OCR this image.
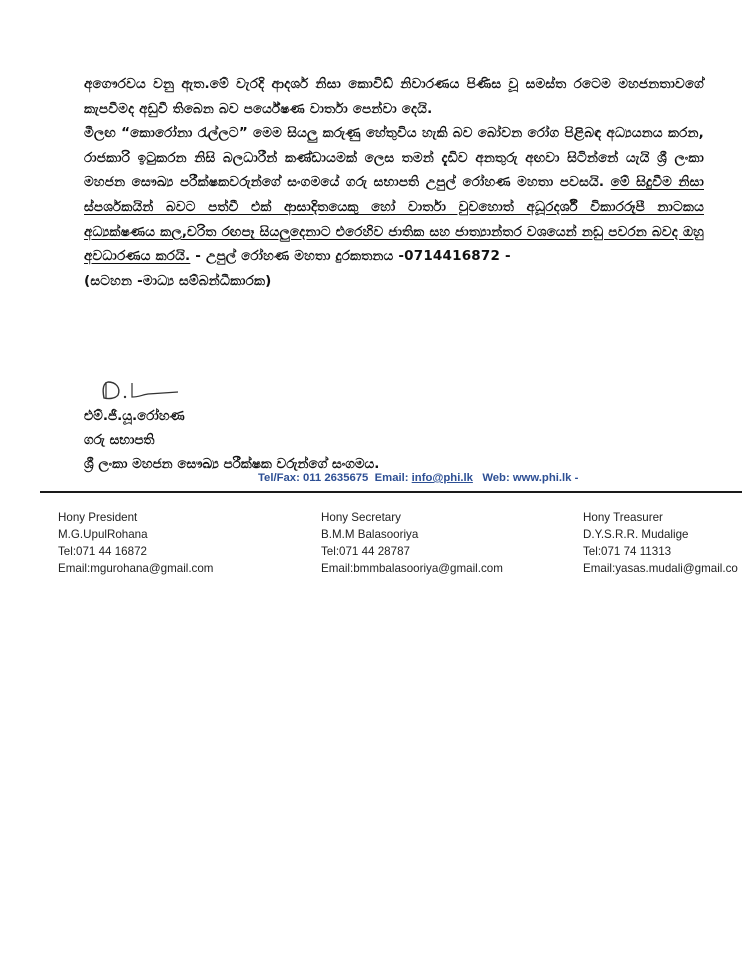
අගෞරවය වනු ඇත.මේ වැරදි ආදර්ශ නිසා කොවිඩ් නිවාරණය පිණිස වූ සමස්ත රටෙම මහජනතාවගේ කැපවීමද අඩුවී තිබෙන බව පර්යේෂණ වාර්තා පෙන්වා දෙයි.

මීලඟ “කොරෝනා රැල්ලට” මෙම සියලු කරුණු හේතුවිය හැකි බව බෝවන රෝග පිළිබඳ අධ්‍යයනය කරන, රාජකාරි ඉටුකරන නිසි බලධාරීන් කණ්ඩායමක් ලෙස තමන් දැඩිව අනතුරු අඟවා සිටින්නේ යැයි ශ්‍රී ලංකා මහජන සෞඛ්‍ය පරීක්ෂකවරුන්ගේ සංගමයේ ගරු සභාපති උපුල් රෝහණ මහතා පවසයි. මේ සිදුවීම නිසා ස්පර්ශකයින් බවට පත්වී එක් ආසාදිතයෙකු හෝ වාර්තා වුවහොත් අධූරදර්ශී විකාරරූපී නාටකය අධ්‍යක්ෂණය කල,චරිත රඟපෑ සියලුදෙනාට එරෙහිව ජාතික සහ ජාත්‍යාන්තර වශයෙන් නඩු පවරන බවද ඔහු අවධාරණය කරයි. - උපුල් රෝහණ මහතා දුරකතනය -0714416872 -

(සටහන -මාධ්‍ය සම්බන්ධීකාරක)

එම්.ජී.යූ.රෝහණ
ගරු සභාපති
ශ්‍රී ලංකා මහජන සෞඛ්‍ය පරීක්ෂක වරුන්ගේ සංගමය.
Tel/Fax: 011 2635675 Email: info@phi.lk Web: www.phi.lk -
Hony President
M.G.UpulRohana
Tel:071 44 16872
Email:mgurohana@gmail.com
Hony Secretary
B.M.M Balasooriya
Tel:071 44 28787
Email:bmmbalasooriya@gmail.com
Hony Treasurer
D.Y.S.R.R. Mudalige
Tel:071 74 11313
Email:yasas.mudali@gmail.co
